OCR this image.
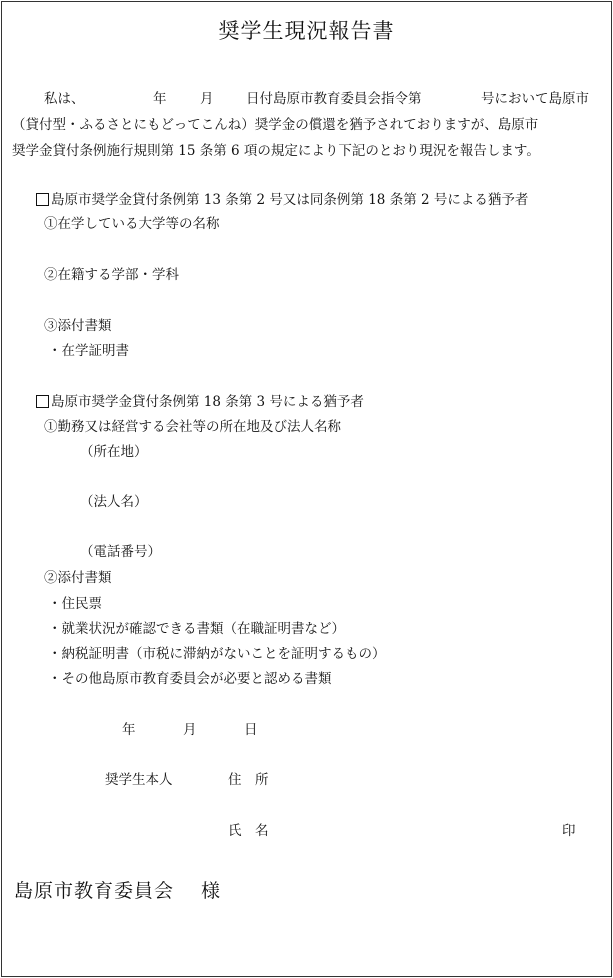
奨学生現況報告書
私は、	年 月 日付島原市教育委員会指令第	号において島原市
（貸付型・ふるさとにもどってこんね）奨学金の償還を猶予されておりますが、島原市
奨学金貸付条例施行規則第 15 条第 6 項の規定により下記のとおり現況を報告します。
島原市奨学金貸付条例第 13 条第 2 号又は同条例第 18 条第 2 号による猶予者
①在学している大学等の名称
②在籍する学部・学科
③添付書類
・在学証明書
島原市奨学金貸付条例第 18 条第 3 号による猶予者
①勤務又は経営する会社等の所在地及び法人名称
（所在地）
（法人名）
（電話番号）
②添付書類
・住民票
・就業状況が確認できる書類（在職証明書など）
・納税証明書（市税に滞納がないことを証明するもの）
・その他島原市教育委員会が必要と認める書類
年	月	日
奨学生本人	住　所
氏　名	印
島原市教育委員会　 様
